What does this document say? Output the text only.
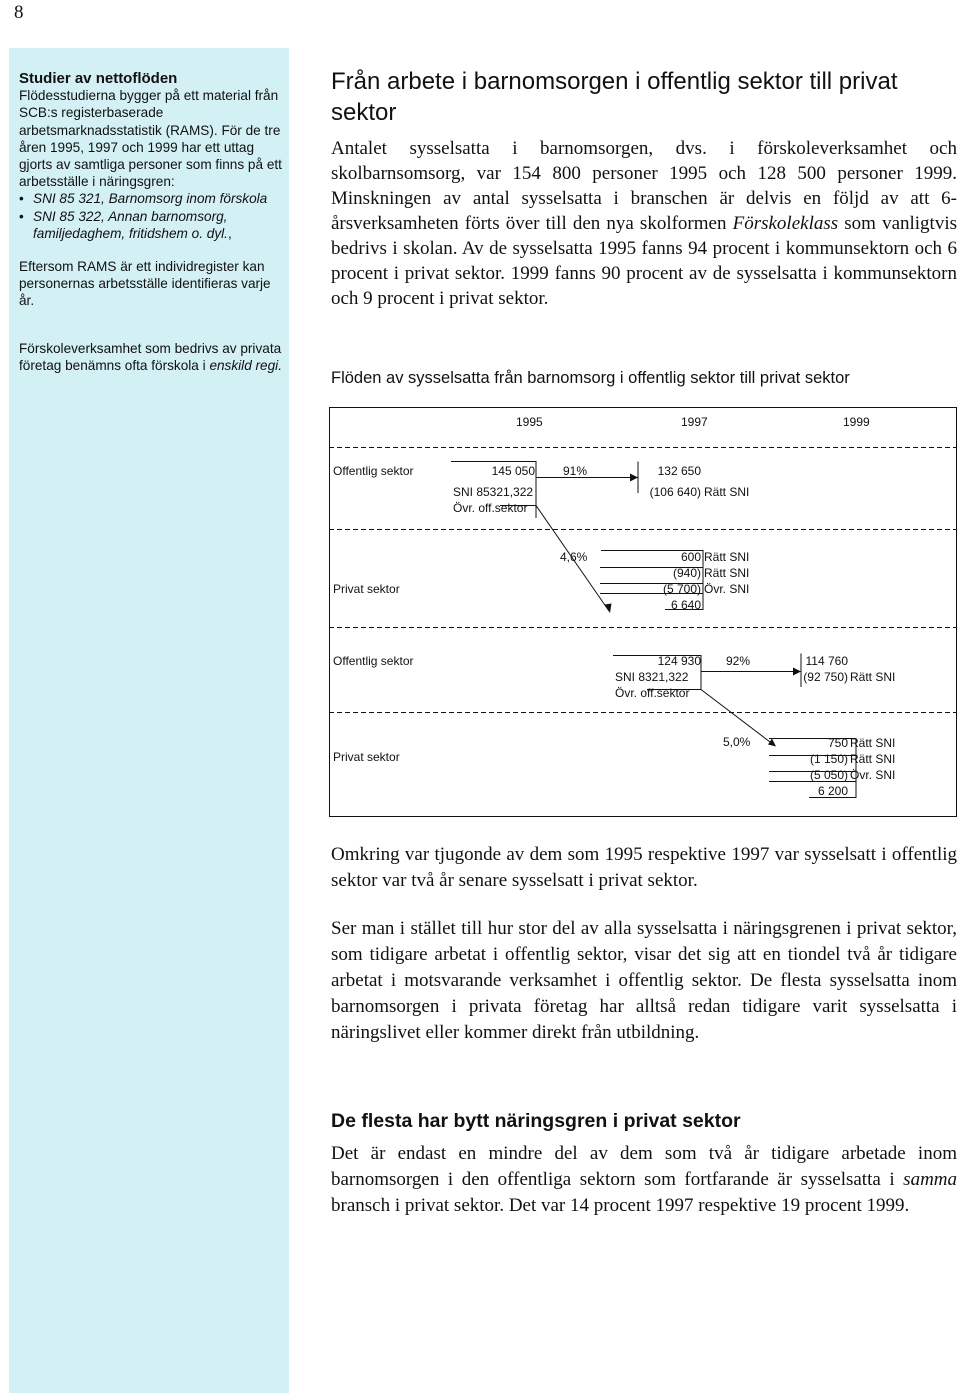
8
Studier av nettoflöden
Flödesstudierna bygger på ett material från SCB:s registerbaserade arbetsmarknadsstatistik (RAMS). För de tre åren 1995, 1997 och 1999 har ett uttag gjorts av samtliga personer som finns på ett arbetsställe i näringsgren:
• SNI 85 321, Barnomsorg inom förskola
• SNI 85 322, Annan barnomsorg,
familjedaghem, fritidshem o. dyl.,
Eftersom RAMS är ett individregister kan personernas arbetsställe identifieras varje år.
Förskoleverksamhet som bedrivs av privata företag benämns ofta förskola i enskild regi.
Från arbete i barnomsorgen i offentlig sektor till privat sektor

Antalet sysselsatta i barnomsorgen, dvs. i förskoleverksamhet och skolbarnsomsorg, var 154 800 personer 1995 och 128 500 personer 1999. Minskningen av antal sysselsatta i branschen är delvis en följd av att 6-årsverksamheten förts över till den nya skolformen Förskoleklass som vanligtvis bedrivs i skolan. Av de sysselsatta 1995 fanns 94 procent i kommunsektorn och 6 procent i privat sektor. 1999 fanns 90 procent av de sysselsatta i kommunsektorn och 9 procent i privat sektor.

Flöden av sysselsatta från barnomsorg i offentlig sektor till privat sektor
1995	1997	1999
Offentlig sektor	145 050 91%	132 650
SNI 85321,322	(106 640) Rätt SNI
Övr. off.sektor
4,6%
Privat sektor
600 Rätt SNI
(940) Rätt SNI
(5 700) Övr. SNI
6 640
Offentlig sektor	124 930 92%	114 760
SNI 8321,322	(92 750) Rätt SNI
Övr. off.sektor
5,0%
Privat sektor
750 Rätt SNI
(1 150) Rätt SNI
(5 050) Övr. SNI
6 200

Omkring var tjugonde av dem som 1995 respektive 1997 var sysselsatt i offentlig sektor var två år senare sysselsatt i privat sektor.

Ser man i stället till hur stor del av alla sysselsatta i näringsgrenen i privat sektor, som tidigare arbetat i offentlig sektor, visar det sig att en tiondel två år tidigare arbetat i motsvarande verksamhet i offentlig sektor. De flesta sysselsatta inom barnomsorgen i privata företag har alltså redan tidigare varit sysselsatta i näringslivet eller kommer direkt från utbildning.

De flesta har bytt näringsgren i privat sektor

Det är endast en mindre del av dem som två år tidigare arbetade inom barnomsorgen i den offentliga sektorn som fortfarande är sysselsatta i samma bransch i privat sektor. Det var 14 procent 1997 respektive 19 procent 1999.
